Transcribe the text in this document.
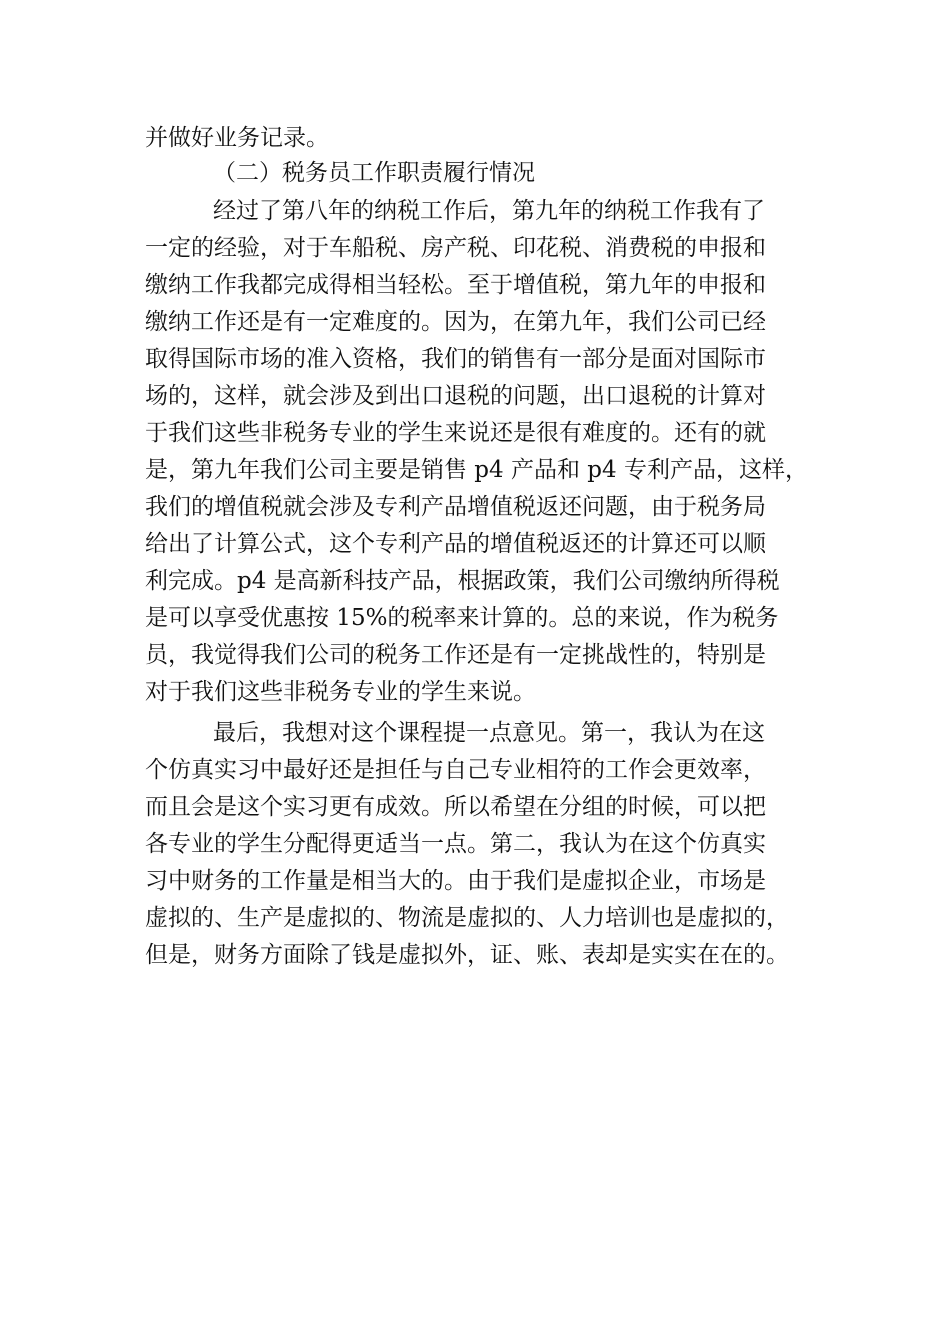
并做好业务记录。
（二）税务员工作职责履行情况
经过了第八年的纳税工作后，第九年的纳税工作我有了
一定的经验，对于车船税、房产税、印花税、消费税的申报和
缴纳工作我都完成得相当轻松。至于增值税，第九年的申报和
缴纳工作还是有一定难度的。因为，在第九年，我们公司已经
取得国际市场的准入资格，我们的销售有一部分是面对国际市
场的，这样，就会涉及到出口退税的问题，出口退税的计算对
于我们这些非税务专业的学生来说还是很有难度的。还有的就
是，第九年我们公司主要是销售 p4 产品和 p4 专利产品，这样，
我们的增值税就会涉及专利产品增值税返还问题，由于税务局
给出了计算公式，这个专利产品的增值税返还的计算还可以顺
利完成。p4 是高新科技产品，根据政策，我们公司缴纳所得税
是可以享受优惠按 15%的税率来计算的。总的来说，作为税务
员，我觉得我们公司的税务工作还是有一定挑战性的，特别是
对于我们这些非税务专业的学生来说。
最后，我想对这个课程提一点意见。第一，我认为在这
个仿真实习中最好还是担任与自己专业相符的工作会更效率，
而且会是这个实习更有成效。所以希望在分组的时候，可以把
各专业的学生分配得更适当一点。第二，我认为在这个仿真实
习中财务的工作量是相当大的。由于我们是虚拟企业，市场是
虚拟的、生产是虚拟的、物流是虚拟的、人力培训也是虚拟的，
但是，财务方面除了钱是虚拟外，证、账、表却是实实在在的。
